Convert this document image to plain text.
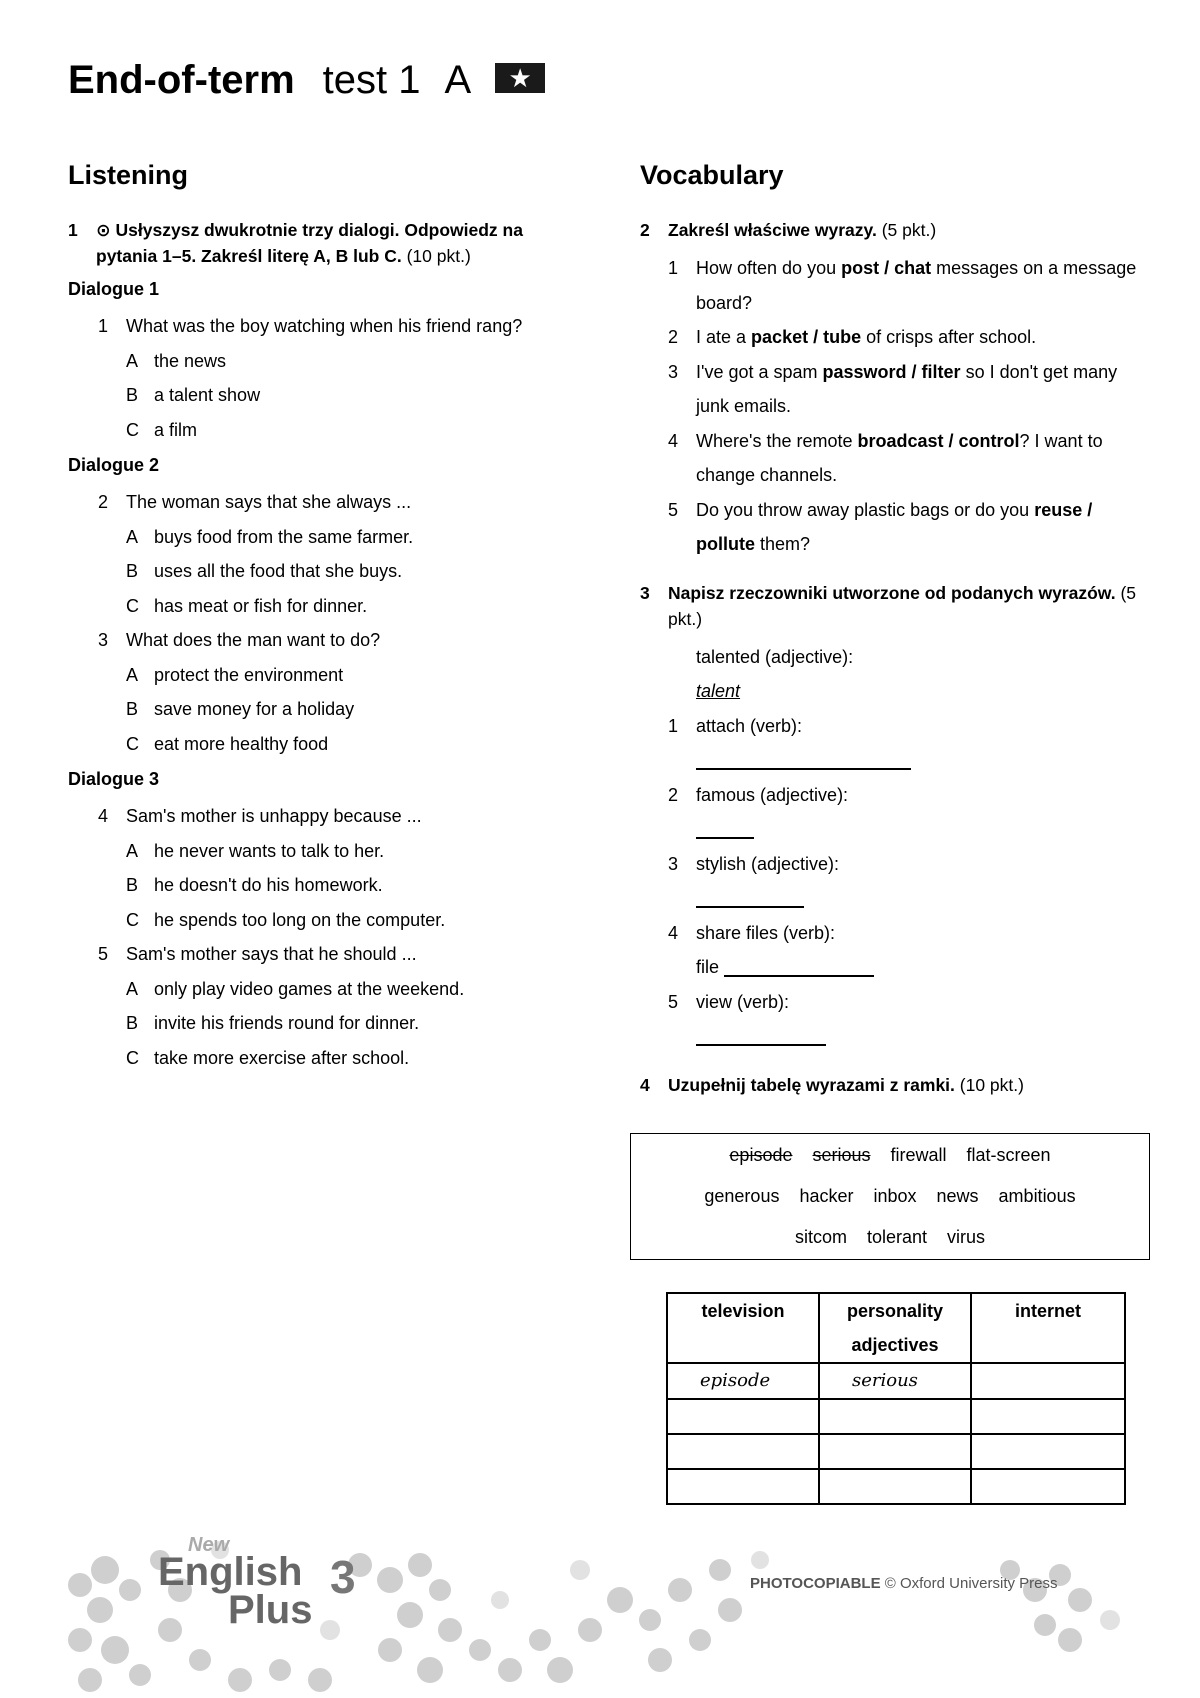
End-of-term test 1 A ★
Listening
1	⊙ Usłyszysz dwukrotnie trzy dialogi. Odpowiedz na pytania 1–5. Zakreśl literę A, B lub C. (10 pkt.)
Dialogue 1
1 What was the boy watching when his friend rang?
A the news
B a talent show
C a film
Dialogue 2
2 The woman says that she always ...
A buys food from the same farmer.
B uses all the food that she buys.
C has meat or fish for dinner.
3 What does the man want to do?
A protect the environment
B save money for a holiday
C eat more healthy food
Dialogue 3
4 Sam's mother is unhappy because ...
A he never wants to talk to her.
B he doesn't do his homework.
C he spends too long on the computer.
5 Sam's mother says that he should ...
A only play video games at the weekend.
B invite his friends round for dinner.
C take more exercise after school.
Vocabulary
2	Zakreśl właściwe wyrazy. (5 pkt.)
1 How often do you post / chat messages on a message board?
2 I ate a packet / tube of crisps after school.
3 I've got a spam password / filter so I don't get many junk emails.
4 Where's the remote broadcast / control? I want to change channels.
5 Do you throw away plastic bags or do you reuse / pollute them?
3	Napisz rzeczowniki utworzone od podanych wyrazów. (5 pkt.)
talented (adjective):
talent
1 attach (verb):
2 famous (adjective):
3 stylish (adjective):
4 share files (verb):
file
5 view (verb):
4	Uzupełnij tabelę wyrazami z ramki. (10 pkt.)
episode serious firewall flat-screen
generous hacker inbox news ambitious
sitcom tolerant virus
television	personality adjectives	internet
episode	serious	

New
English
Plus
3	PHOTOCOPIABLE © Oxford University Press
